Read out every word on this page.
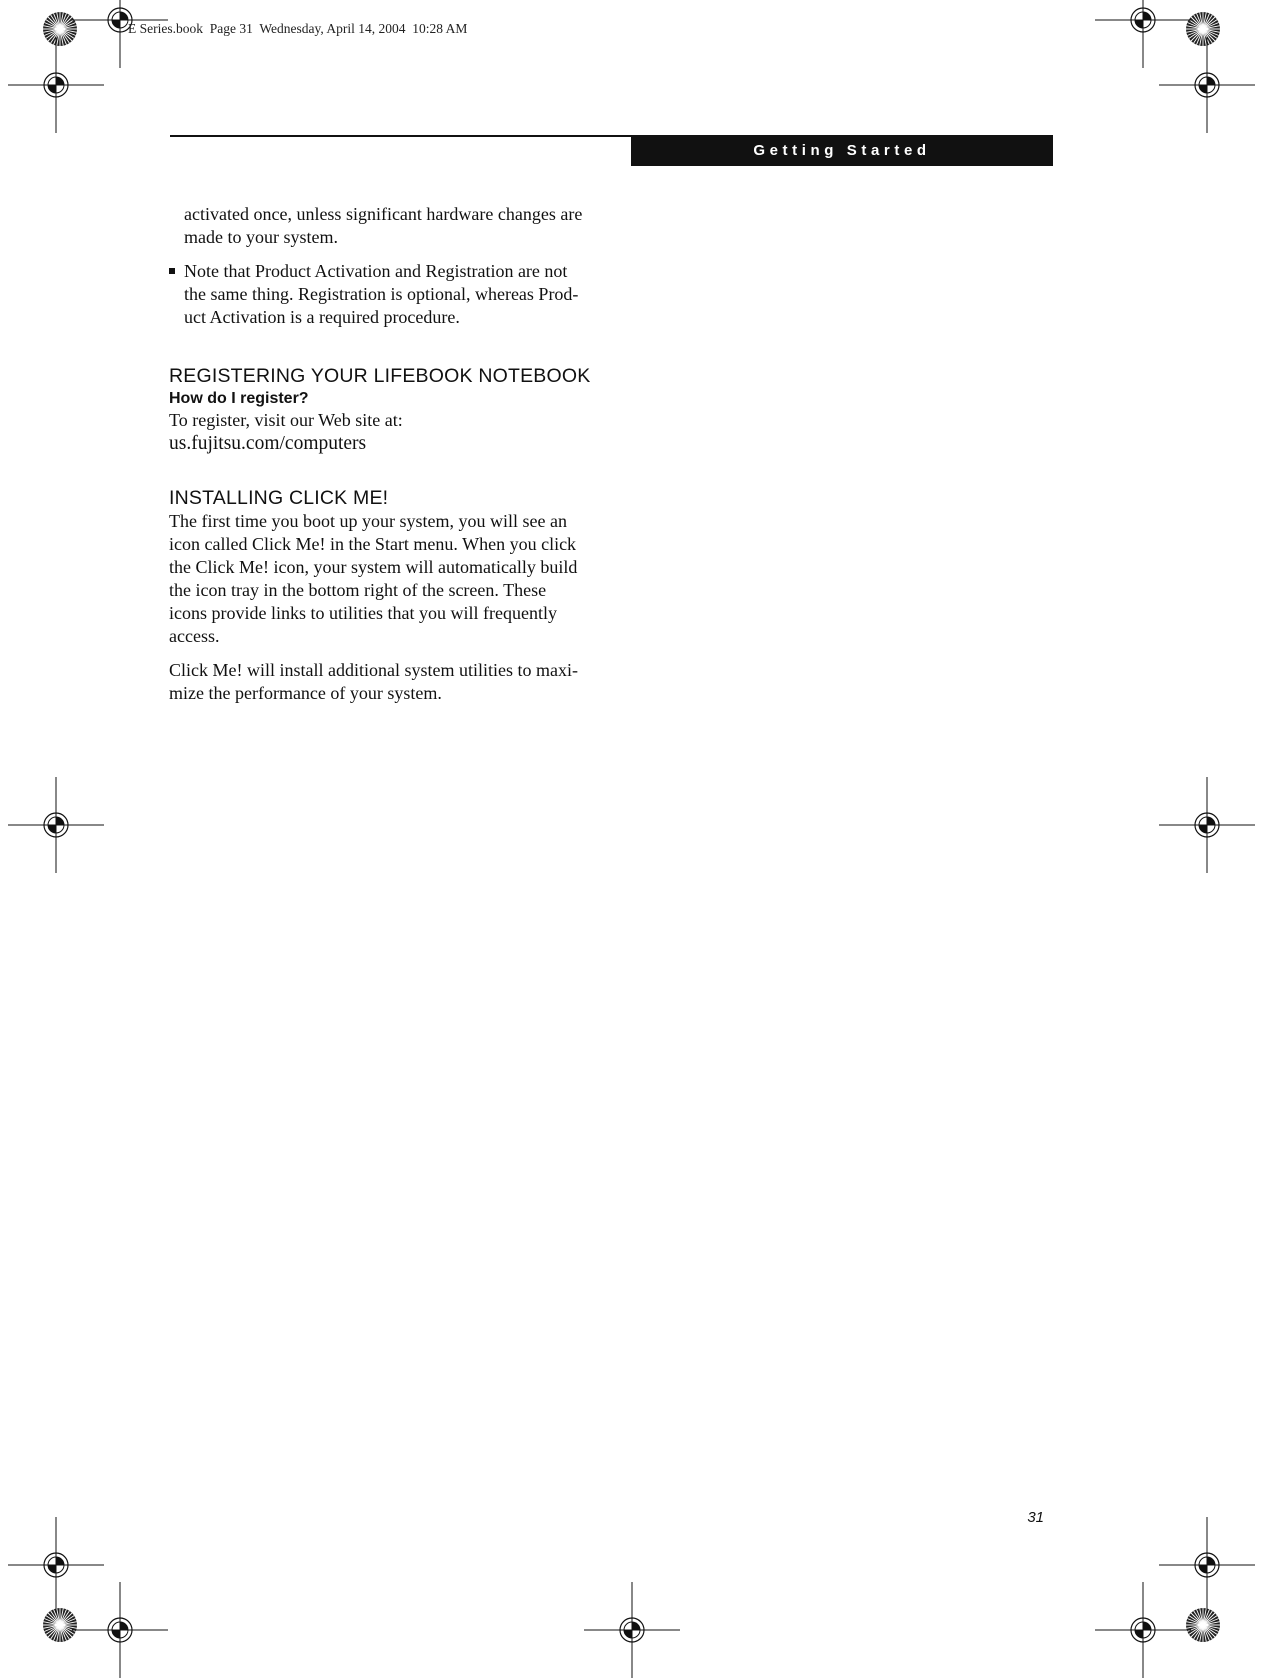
E Series.book  Page 31  Wednesday, April 14, 2004  10:28 AM
Getting Started

activated once, unless significant hardware changes are
made to your system.

Note that Product Activation and Registration are not
the same thing. Registration is optional, whereas Prod-
uct Activation is a required procedure.

REGISTERING YOUR LIFEBOOK NOTEBOOK
How do I register?

To register, visit our Web site at:

us.fujitsu.com/computers

INSTALLING CLICK ME!

The first time you boot up your system, you will see an
icon called Click Me! in the Start menu. When you click
the Click Me! icon, your system will automatically build
the icon tray in the bottom right of the screen. These
icons provide links to utilities that you will frequently
access.

Click Me! will install additional system utilities to maxi-
mize the performance of your system.

31
